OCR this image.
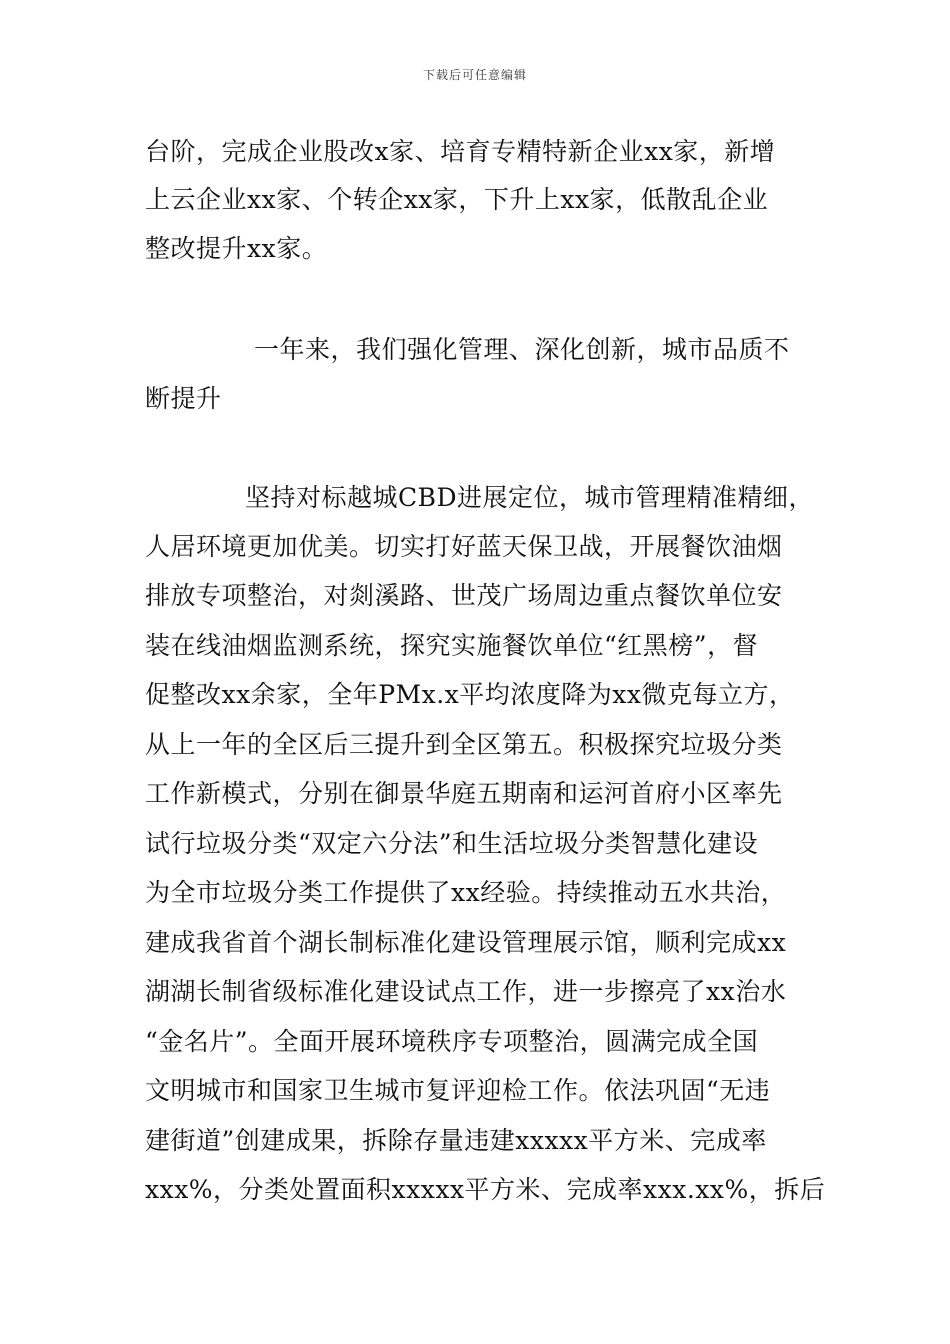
下载后可任意编辑
台阶，完成企业股改x家、培育专精特新企业xx家，新增
上云企业xx家、个转企xx家，下升上xx家，低散乱企业
整改提升xx家。
一年来，我们强化管理、深化创新，城市品质不
断提升
坚持对标越城CBD进展定位，城市管理精准精细，
人居环境更加优美。切实打好蓝天保卫战，开展餐饮油烟
排放专项整治，对剡溪路、世茂广场周边重点餐饮单位安
装在线油烟监测系统，探究实施餐饮单位“红黑榜”，督
促整改xx余家，全年PMx.x平均浓度降为xx微克每立方，
从上一年的全区后三提升到全区第五。积极探究垃圾分类
工作新模式，分别在御景华庭五期南和运河首府小区率先
试行垃圾分类“双定六分法”和生活垃圾分类智慧化建设
为全市垃圾分类工作提供了xx经验。持续推动五水共治，
建成我省首个湖长制标准化建设管理展示馆，顺利完成xx
湖湖长制省级标准化建设试点工作，进一步擦亮了xx治水
“金名片”。全面开展环境秩序专项整治，圆满完成全国
文明城市和国家卫生城市复评迎检工作。依法巩固“无违
建街道”创建成果，拆除存量违建xxxxx平方米、完成率
xxx%，分类处置面积xxxxx平方米、完成率xxx.xx%，拆后
